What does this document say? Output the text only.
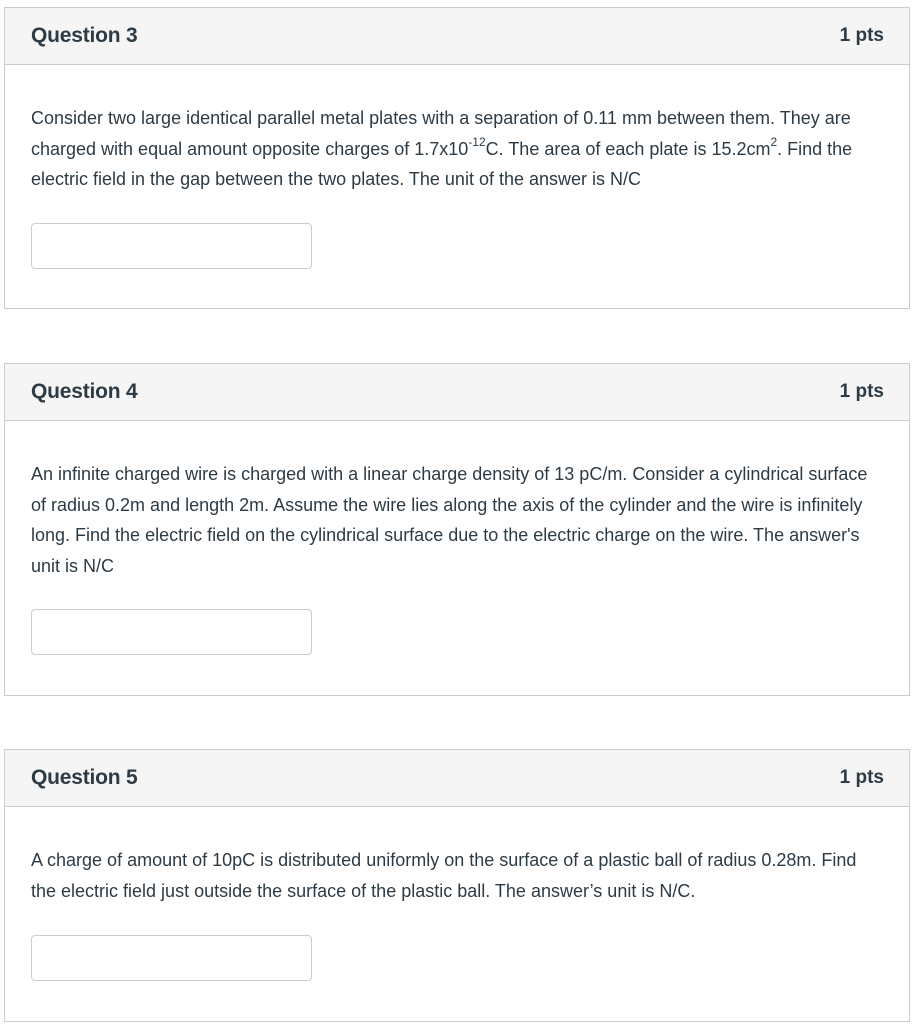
Question 3	1 pts
Consider two large identical parallel metal plates with a separation of 0.11 mm between them. They are charged with equal amount opposite charges of $1.7x10^{-12}C$. The area of each plate is $15.2cm^2$. Find the electric field in the gap between the two plates. The unit of the answer is N/C
Question 4	1 pts
An infinite charged wire is charged with a linear charge density of 13 pC/m. Consider a cylindrical surface of radius 0.2m and length 2m. Assume the wire lies along the axis of the cylinder and the wire is infinitely long. Find the electric field on the cylindrical surface due to the electric charge on the wire. The answer's unit is N/C
Question 5	1 pts
A charge of amount of 10pC is distributed uniformly on the surface of a plastic ball of radius 0.28m. Find the electric field just outside the surface of the plastic ball. The answer’s unit is N/C.
